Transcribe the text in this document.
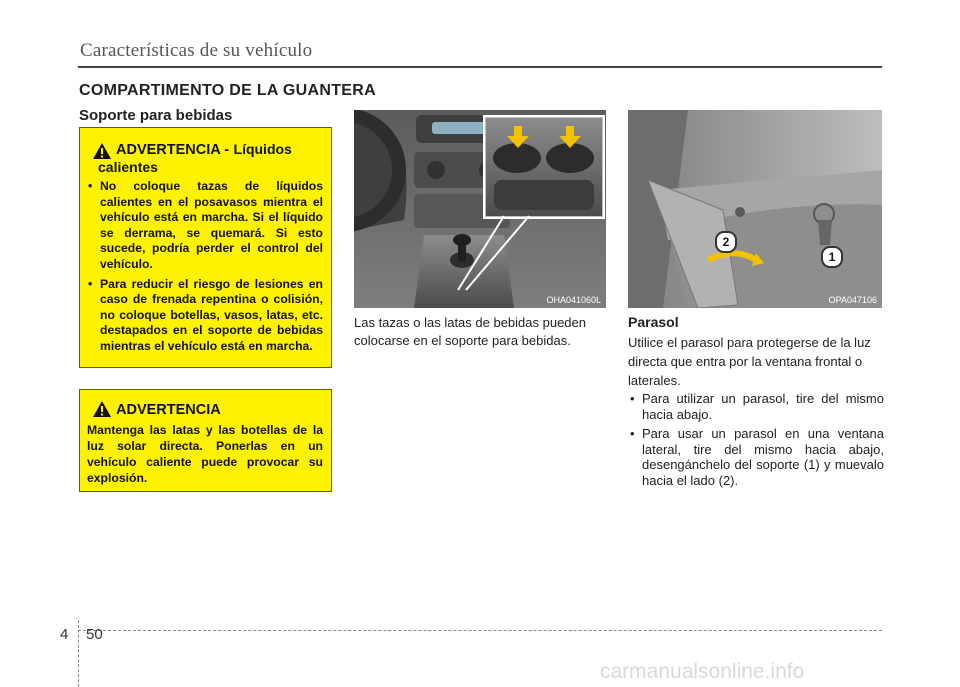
Características de su vehículo
COMPARTIMENTO DE LA GUANTERA
Soporte para bebidas
ADVERTENCIA - Líquidos
calientes
• No coloque tazas de líquidos calientes en el posavasos mientra el vehículo está en marcha. Si el líquido se derrama, se quemará. Si esto sucede, podría perder el control del vehículo.
• Para reducir el riesgo de lesiones en caso de frenada repentina o colisión, no coloque botellas, vasos, latas, etc. destapados en el soporte de bebidas mientras el vehículo está en marcha.
ADVERTENCIA

Mantenga las latas y las botellas de la luz solar directa. Ponerlas en un vehículo caliente puede provocar su explosión.

OHA041060L
2
1
OPA047106
Las tazas o las latas de bebidas pueden colocarse en el soporte para bebidas.
Parasol
Utilice el parasol para protegerse de la luz directa que entra por la ventana frontal o laterales.
• Para utilizar un parasol, tire del mismo hacia abajo.
• Para usar un parasol en una ventana lateral, tire del mismo hacia abajo, desengánchelo del soporte (1) y muevalo hacia el lado (2).
4 50
carmanualsonline.info
